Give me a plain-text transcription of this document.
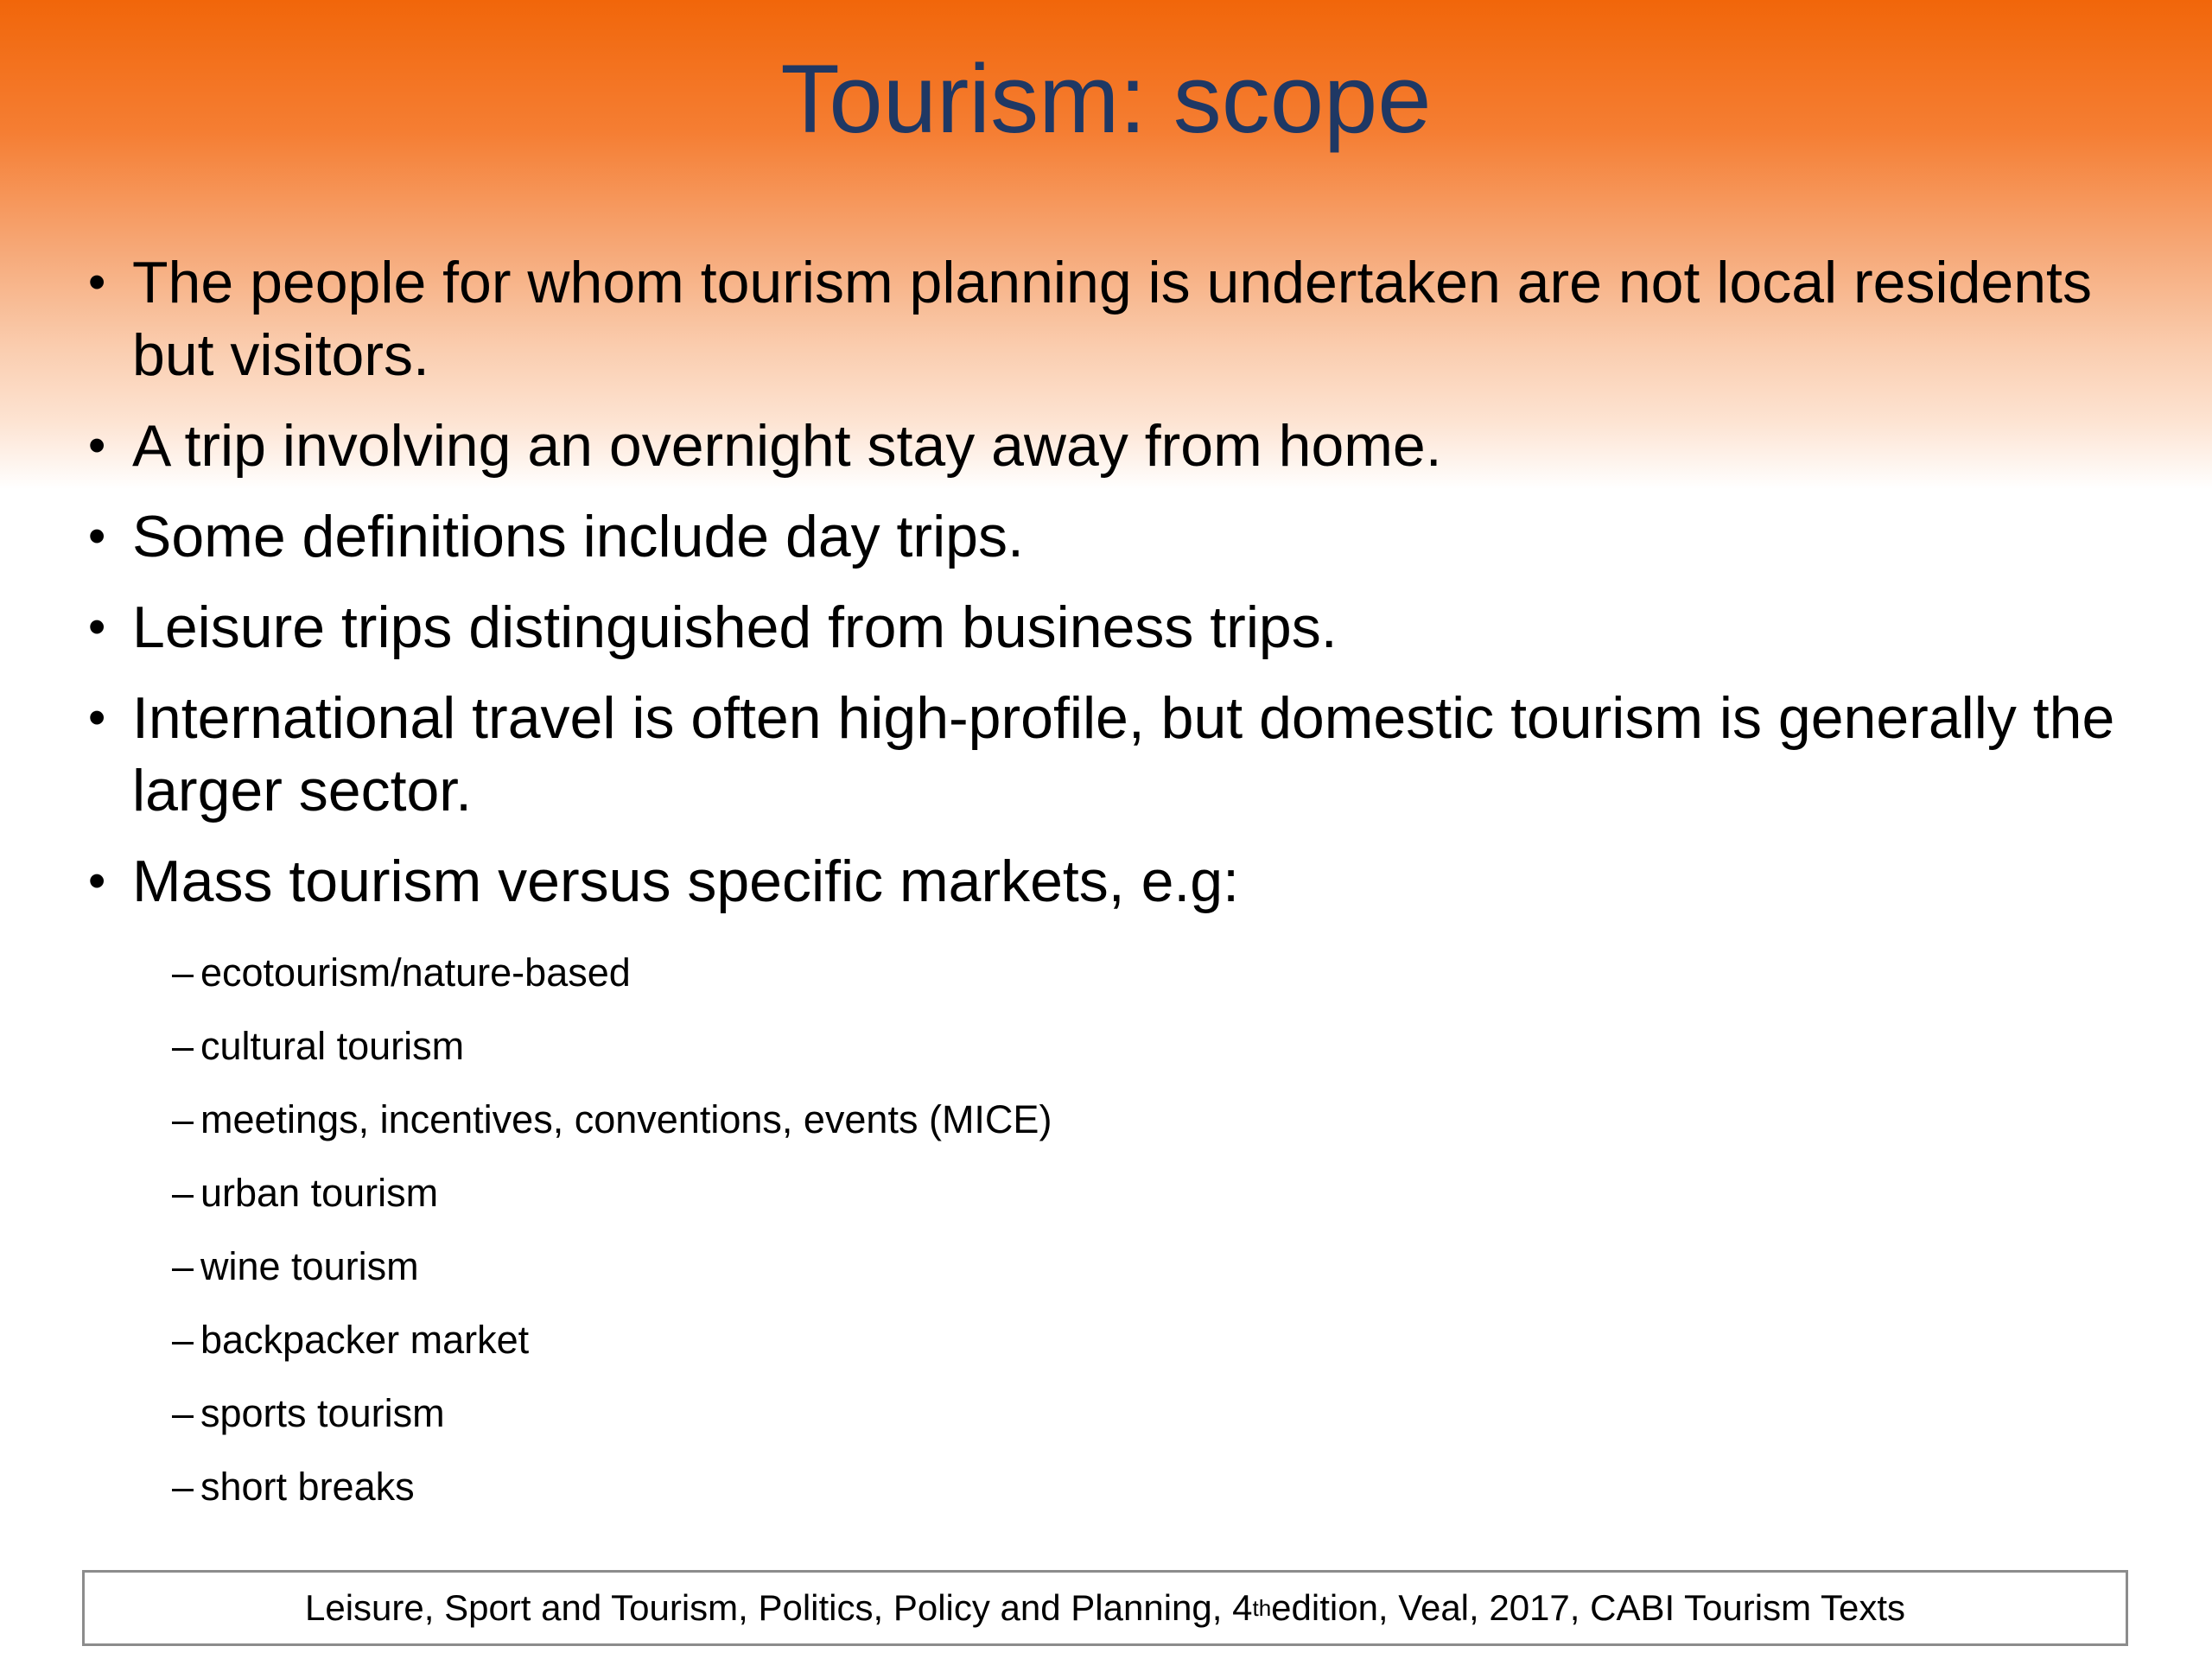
Tourism: scope
• The people for whom tourism planning is undertaken are not local residents but visitors.
• A trip involving an overnight stay away from home.
• Some definitions include day trips.
• Leisure trips distinguished from business trips.
• International travel is often high-profile, but domestic tourism is generally the larger sector.
• Mass tourism versus specific markets, e.g:
– ecotourism/nature-based
– cultural tourism
– meetings, incentives, conventions, events (MICE)
– urban tourism
– wine tourism
– backpacker market
– sports tourism
– short breaks
Leisure, Sport and Tourism, Politics, Policy and Planning, 4 th edition, Veal, 2017, CABI Tourism Texts
